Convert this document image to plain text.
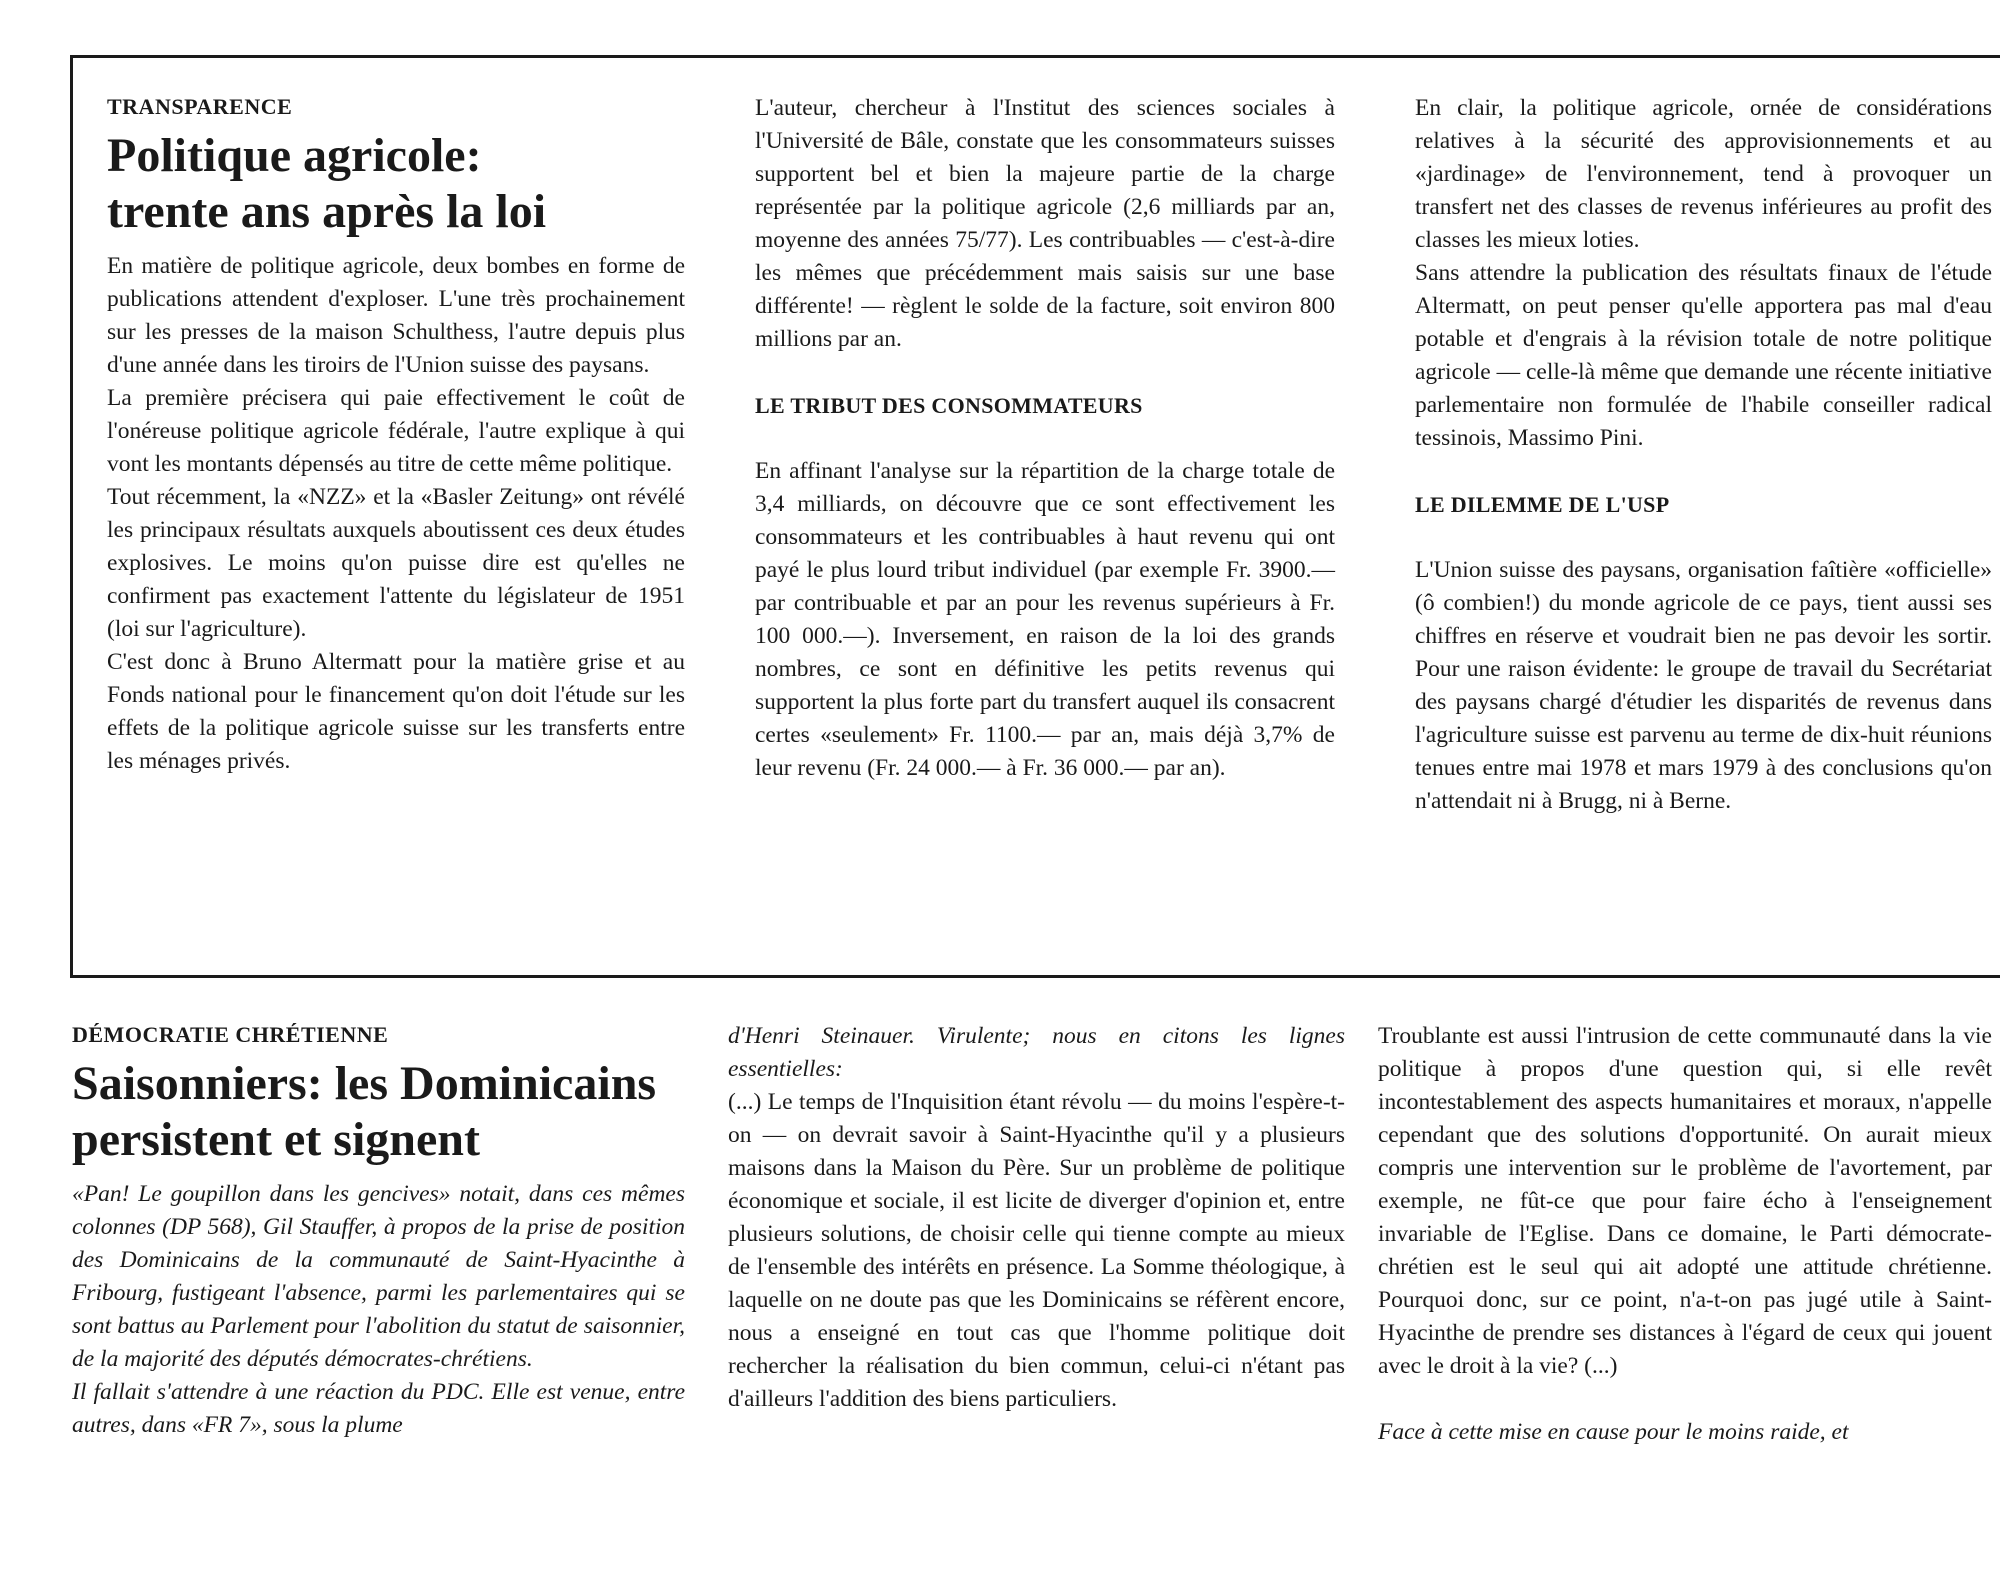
TRANSPARENCE
Politique agricole:
trente ans après la loi

En matière de politique agricole, deux bombes en forme de publications attendent d'exploser. L'une très prochainement sur les presses de la maison Schulthess, l'autre depuis plus d'une année dans les tiroirs de l'Union suisse des paysans.

La première précisera qui paie effectivement le coût de l'onéreuse politique agricole fédérale, l'autre explique à qui vont les montants dépensés au titre de cette même politique.

Tout récemment, la «NZZ» et la «Basler Zeitung» ont révélé les principaux résultats auxquels aboutissent ces deux études explosives. Le moins qu'on puisse dire est qu'elles ne confirment pas exactement l'attente du législateur de 1951 (loi sur l'agriculture).

C'est donc à Bruno Altermatt pour la matière grise et au Fonds national pour le financement qu'on doit l'étude sur les effets de la politique agricole suisse sur les transferts entre les ménages privés.

L'auteur, chercheur à l'Institut des sciences sociales à l'Université de Bâle, constate que les consommateurs suisses supportent bel et bien la majeure partie de la charge représentée par la politique agricole (2,6 milliards par an, moyenne des années 75/77). Les contribuables — c'est-à-dire les mêmes que précédemment mais saisis sur une base différente! — règlent le solde de la facture, soit environ 800 millions par an.

LE TRIBUT DES CONSOMMATEURS

En affinant l'analyse sur la répartition de la charge totale de 3,4 milliards, on découvre que ce sont effectivement les consommateurs et les contribuables à haut revenu qui ont payé le plus lourd tribut individuel (par exemple Fr. 3900.— par contribuable et par an pour les revenus supérieurs à Fr. 100 000.—). Inversement, en raison de la loi des grands nombres, ce sont en définitive les petits revenus qui supportent la plus forte part du transfert auquel ils consacrent certes «seulement» Fr. 1100.— par an, mais déjà 3,7% de leur revenu (Fr. 24 000.— à Fr. 36 000.— par an).

En clair, la politique agricole, ornée de considérations relatives à la sécurité des approvisionnements et au «jardinage» de l'environnement, tend à provoquer un transfert net des classes de revenus inférieures au profit des classes les mieux loties.

Sans attendre la publication des résultats finaux de l'étude Altermatt, on peut penser qu'elle apportera pas mal d'eau potable et d'engrais à la révision totale de notre politique agricole — celle-là même que demande une récente initiative parlementaire non formulée de l'habile conseiller radical tessinois, Massimo Pini.

LE DILEMME DE L'USP

L'Union suisse des paysans, organisation faîtière «officielle» (ô combien!) du monde agricole de ce pays, tient aussi ses chiffres en réserve et voudrait bien ne pas devoir les sortir. Pour une raison évidente: le groupe de travail du Secrétariat des paysans chargé d'étudier les disparités de revenus dans l'agriculture suisse est parvenu au terme de dix-huit réunions tenues entre mai 1978 et mars 1979 à des conclusions qu'on n'attendait ni à Brugg, ni à Berne.

DÉMOCRATIE CHRÉTIENNE
Saisonniers: les Dominicains
persistent et signent

«Pan! Le goupillon dans les gencives» notait, dans ces mêmes colonnes (DP 568), Gil Stauffer, à propos de la prise de position des Dominicains de la communauté de Saint-Hyacinthe à Fribourg, fustigeant l'absence, parmi les parlementaires qui se sont battus au Parlement pour l'abolition du statut de saisonnier, de la majorité des députés démocrates-chrétiens.

Il fallait s'attendre à une réaction du PDC. Elle est venue, entre autres, dans «FR 7», sous la plume

d'Henri Steinauer. Virulente; nous en citons les lignes essentielles:

(...) Le temps de l'Inquisition étant révolu — du moins l'espère-t-on — on devrait savoir à Saint-Hyacinthe qu'il y a plusieurs maisons dans la Maison du Père. Sur un problème de politique économique et sociale, il est licite de diverger d'opinion et, entre plusieurs solutions, de choisir celle qui tienne compte au mieux de l'ensemble des intérêts en présence. La Somme théologique, à laquelle on ne doute pas que les Dominicains se réfèrent encore, nous a enseigné en tout cas que l'homme politique doit rechercher la réalisation du bien commun, celui-ci n'étant pas d'ailleurs l'addition des biens particuliers.

Troublante est aussi l'intrusion de cette communauté dans la vie politique à propos d'une question qui, si elle revêt incontestablement des aspects humanitaires et moraux, n'appelle cependant que des solutions d'opportunité. On aurait mieux compris une intervention sur le problème de l'avortement, par exemple, ne fût-ce que pour faire écho à l'enseignement invariable de l'Eglise. Dans ce domaine, le Parti démocrate-chrétien est le seul qui ait adopté une attitude chrétienne. Pourquoi donc, sur ce point, n'a-t-on pas jugé utile à Saint-Hyacinthe de prendre ses distances à l'égard de ceux qui jouent avec le droit à la vie? (...)

Face à cette mise en cause pour le moins raide, et
